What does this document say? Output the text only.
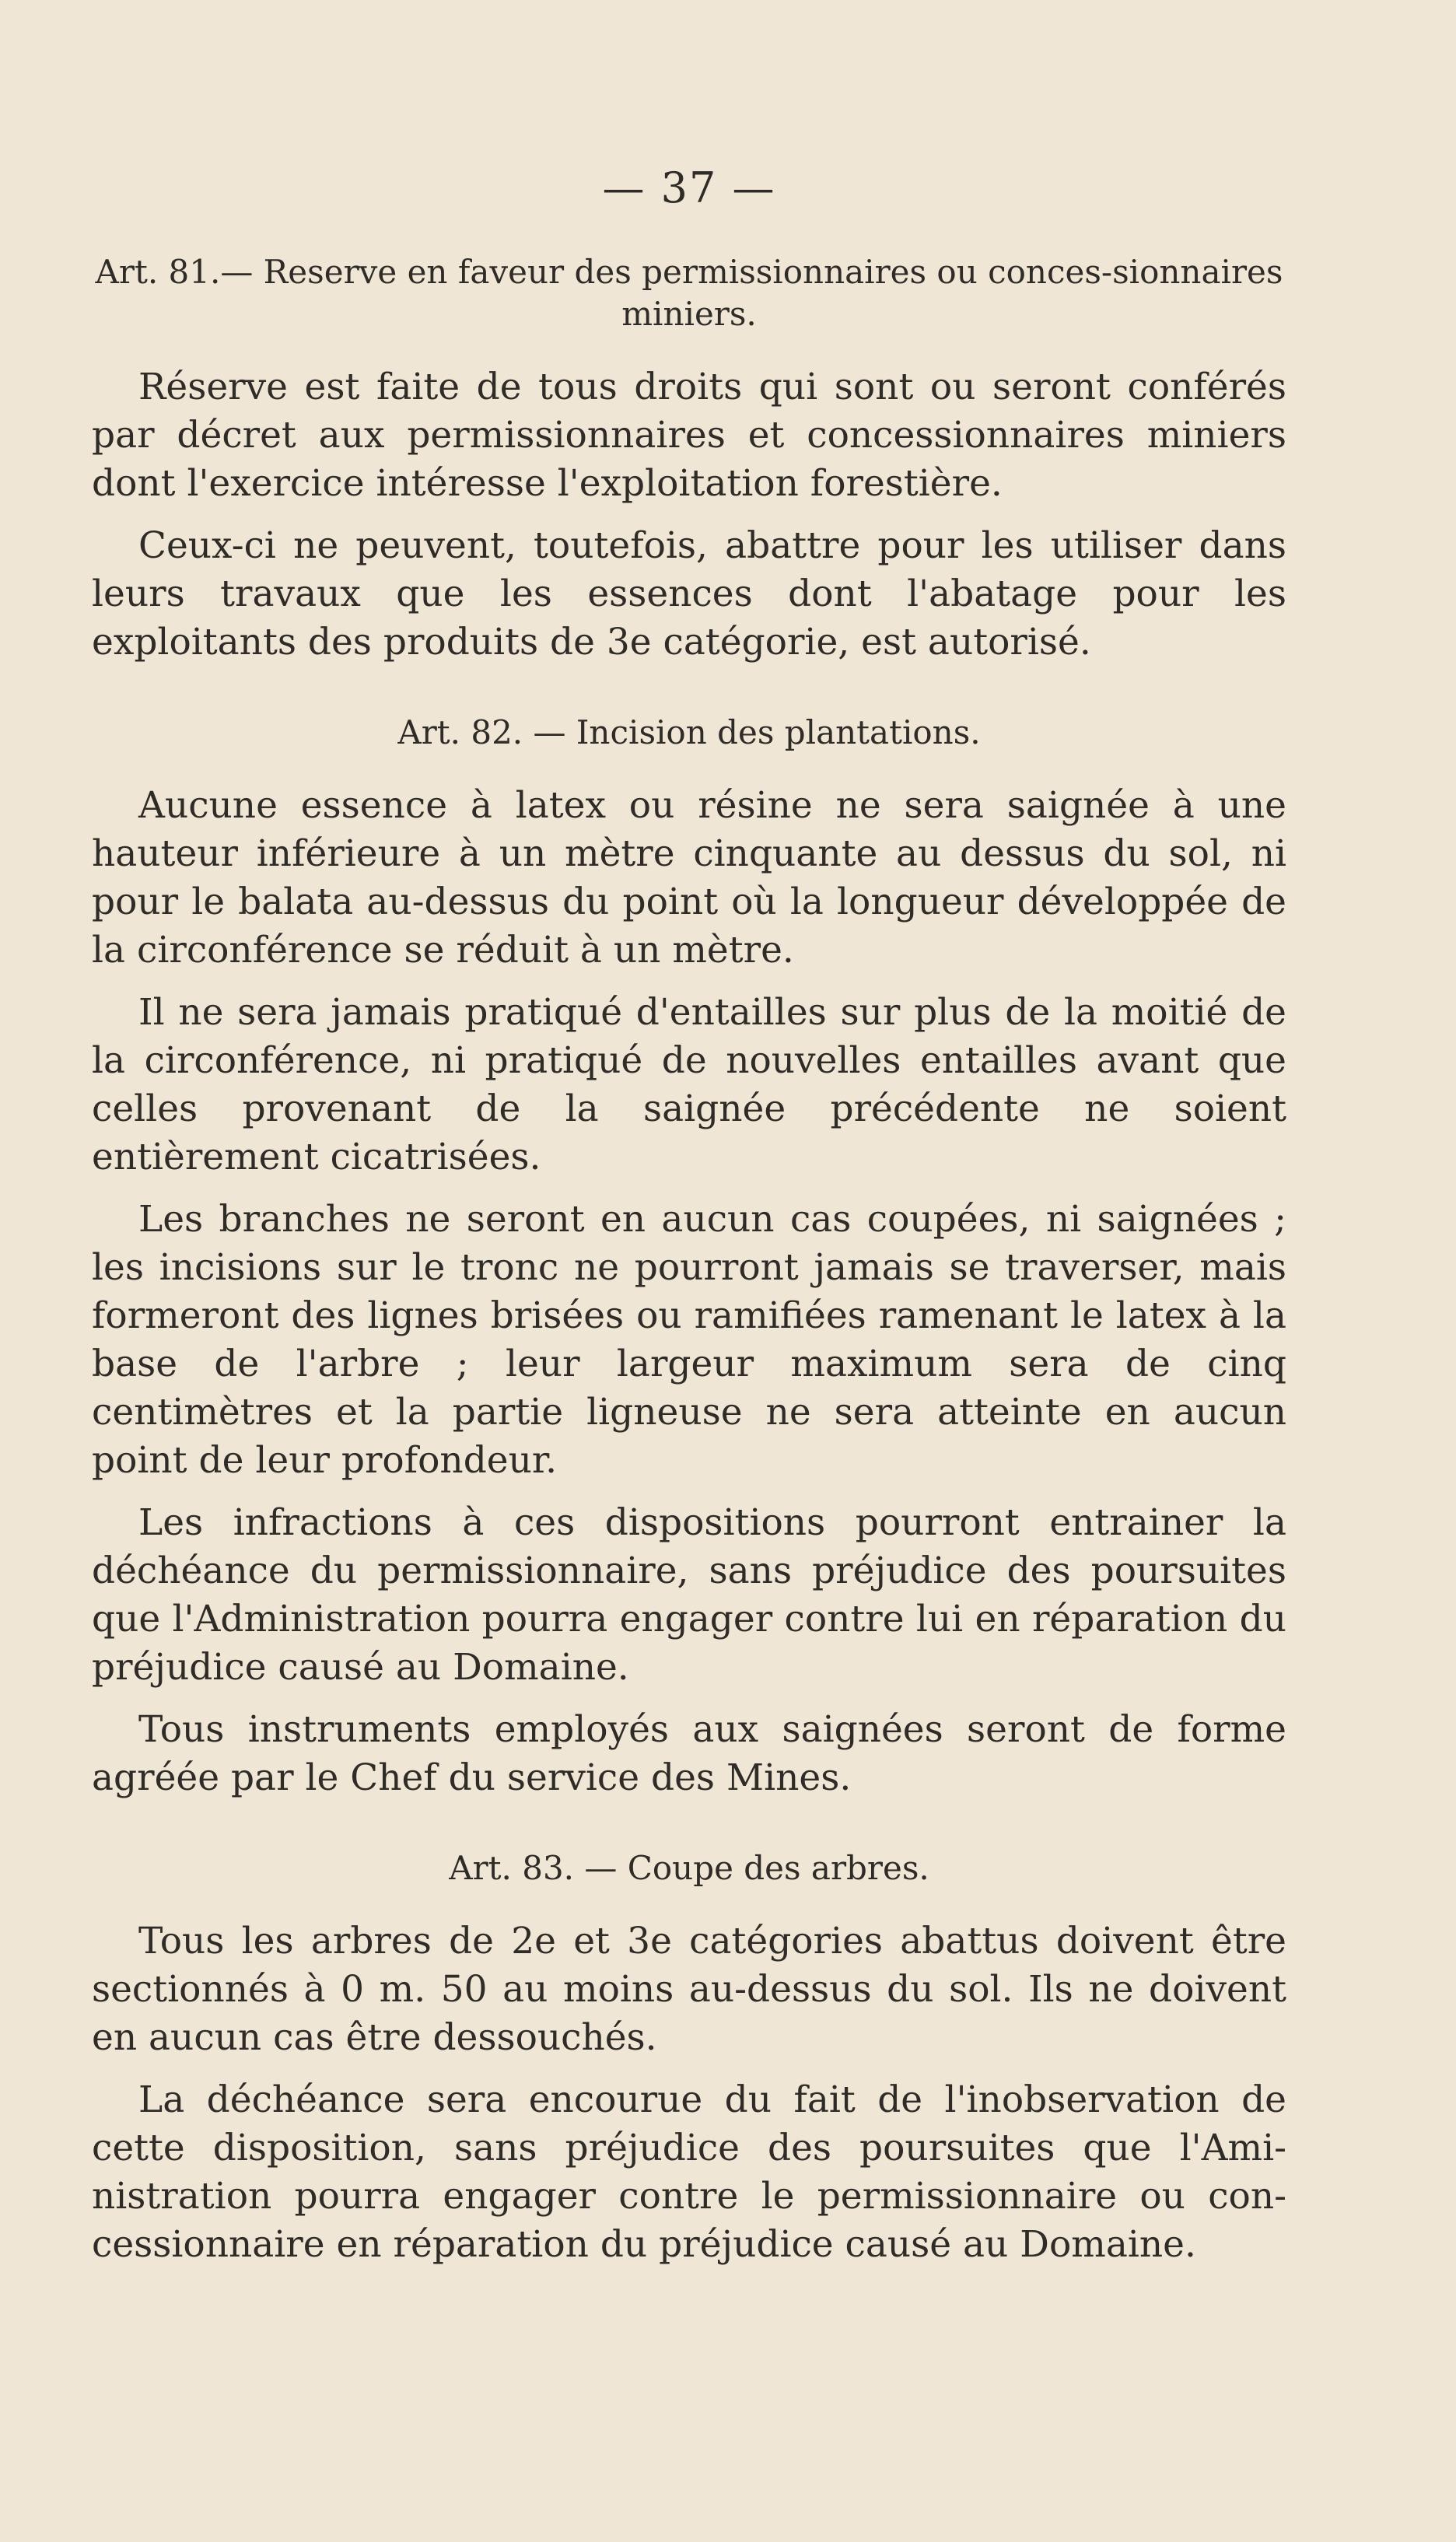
— 37 —
Art. 81.— Reserve en faveur des permissionnaires ou conces-sionnaires miniers.

Réserve est faite de tous droits qui sont ou seront conférés par décret aux permissionnaires et concessionnaires miniers dont l'exercice intéresse l'exploitation forestière.

Ceux-ci ne peuvent, toutefois, abattre pour les utiliser dans leurs travaux que les essences dont l'abatage pour les exploitants des produits de 3e catégorie, est autorisé.

Art. 82. — Incision des plantations.

Aucune essence à latex ou résine ne sera saignée à une hauteur inférieure à un mètre cinquante au dessus du sol, ni pour le balata au-dessus du point où la longueur développée de la circonférence se réduit à un mètre.

Il ne sera jamais pratiqué d'entailles sur plus de la moitié de la circonférence, ni pratiqué de nouvelles entailles avant que celles provenant de la saignée précédente ne soient entièrement cicatrisées.

Les branches ne seront en aucun cas coupées, ni saignées ; les incisions sur le tronc ne pourront jamais se traverser, mais formeront des lignes brisées ou ramifiées ramenant le latex à la base de l'arbre ; leur largeur maximum sera de cinq centimètres et la partie ligneuse ne sera atteinte en aucun point de leur profondeur.

Les infractions à ces dispositions pourront entrainer la déchéance du permissionnaire, sans préjudice des poursuites que l'Administration pourra engager contre lui en réparation du préjudice causé au Domaine.

Tous instruments employés aux saignées seront de forme agréée par le Chef du service des Mines.

Art. 83. — Coupe des arbres.

Tous les arbres de 2e et 3e catégories abattus doivent être sectionnés à 0 m. 50 au moins au-dessus du sol. Ils ne doivent en aucun cas être dessouchés.

La déchéance sera encourue du fait de l'inobservation de cette disposition, sans préjudice des poursuites que l'Ami-nistration pourra engager contre le permissionnaire ou con-cessionnaire en réparation du préjudice causé au Domaine.
